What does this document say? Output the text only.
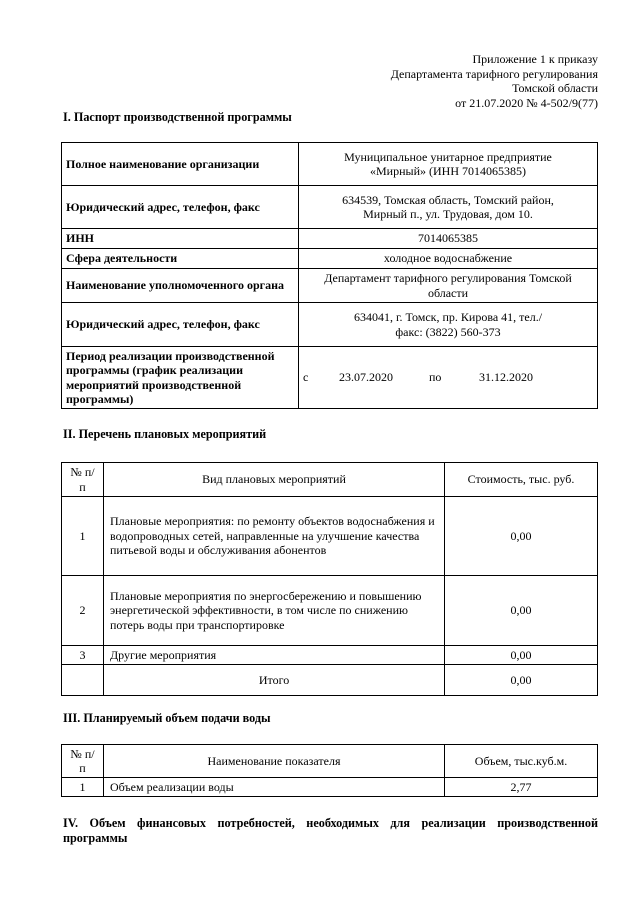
Приложение 1 к приказу
Департамента тарифного регулирования
Томской области
от 21.07.2020 № 4-502/9(77)
I. Паспорт производственной программы
Полное наименование организации	Муниципальное унитарное предприятие «Мирный» (ИНН 7014065385)
Юридический адрес, телефон, факс	634539, Томская область, Томский район, Мирный п., ул. Трудовая, дом 10.
ИНН	7014065385
Сфера деятельности	холодное водоснабжение
Наименование уполномоченного органа	Департамент тарифного регулирования Томской области
Юридический адрес, телефон, факс	634041, г. Томск, пр. Кирова 41, тел./факс: (3822) 560-373
Период реализации производственной программы (график реализации мероприятий производственной программы)	с 23.07.2020 по 31.12.2020
II. Перечень плановых мероприятий
№ п/п	Вид плановых мероприятий	Стоимость, тыс. руб.
1	Плановые мероприятия: по ремонту объектов водоснабжения и водопроводных сетей, направленные на улучшение качества питьевой воды и обслуживания абонентов	0,00
2	Плановые мероприятия по энергосбережению и повышению энергетической эффективности, в том числе по снижению потерь воды при транспортировке	0,00
3	Другие мероприятия	0,00
	Итого	0,00
III. Планируемый объем подачи воды
№ п/п	Наименование показателя	Объем, тыс.куб.м.
1	Объем реализации воды	2,77
IV. Объем финансовых потребностей, необходимых для реализации производственной программы
